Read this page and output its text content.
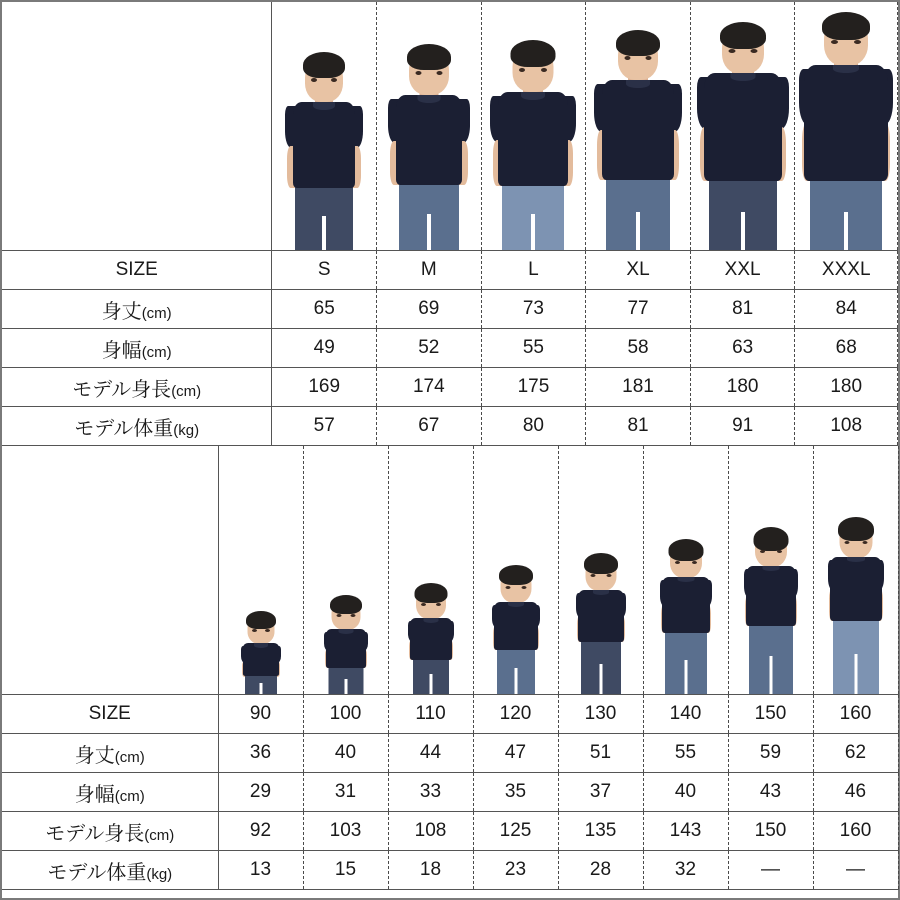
SIZE	S	M	L	XL	XXL	XXXL
身丈(cm)	65	69	73	77	81	84
身幅(cm)	49	52	55	58	63	68
モデル身長(cm)	169	174	175	181	180	180
モデル体重(kg)	57	67	80	81	91	108

SIZE	90	100	110	120	130	140	150	160
身丈(cm)	36	40	44	47	51	55	59	62
身幅(cm)	29	31	33	35	37	40	43	46
モデル身長(cm)	92	103	108	125	135	143	150	160
モデル体重(kg)	13	15	18	23	28	32	—	—
